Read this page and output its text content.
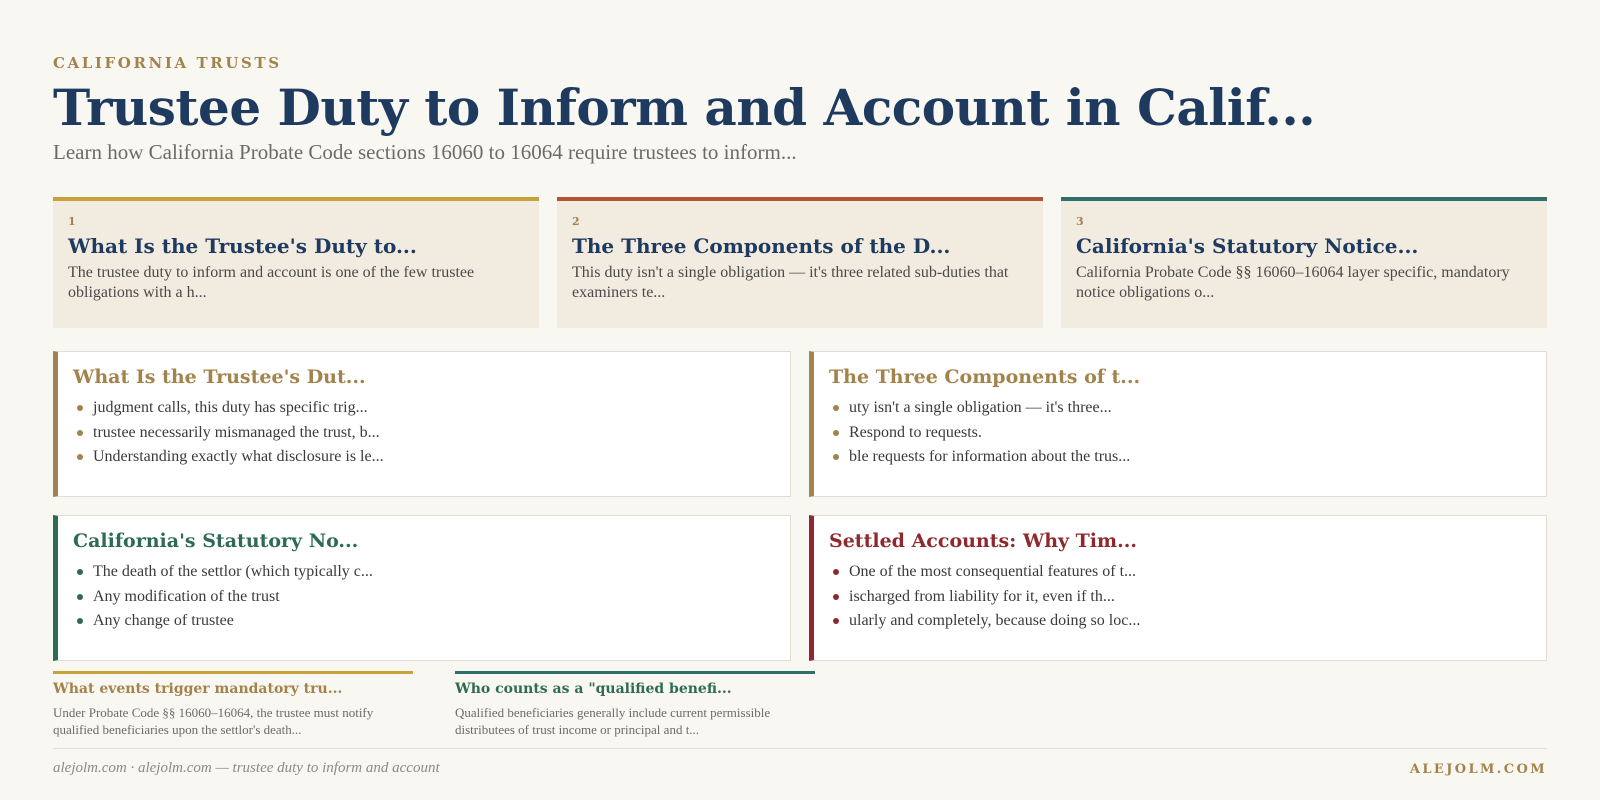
CALIFORNIA TRUSTS
Trustee Duty to Inform and Account in Calif...
Learn how California Probate Code sections 16060 to 16064 require trustees to inform...
1
What Is the Trustee's Duty to...
The trustee duty to inform and account is one of the few trustee obligations with a h...
2
The Three Components of the D...
This duty isn't a single obligation — it's three related sub-duties that examiners te...
3
California's Statutory Notice...
California Probate Code §§ 16060–16064 layer specific, mandatory notice obligations o...
What Is the Trustee's Dut...
judgment calls, this duty has specific trig...
trustee necessarily mismanaged the trust, b...
Understanding exactly what disclosure is le...
The Three Components of t...
uty isn't a single obligation — it's three...
Respond to requests.
ble requests for information about the trus...
California's Statutory No...
The death of the settlor (which typically c...
Any modification of the trust
Any change of trustee
Settled Accounts: Why Tim...
One of the most consequential features of t...
ischarged from liability for it, even if th...
ularly and completely, because doing so loc...
What events trigger mandatory tru...
Under Probate Code §§ 16060–16064, the trustee must notify qualified beneficiaries upon the settlor's death...
Who counts as a "qualified benefi...
Qualified beneficiaries generally include current permissible distributees of trust income or principal and t...
alejolm.com · alejolm.com — trustee duty to inform and account	ALEJOLM.COM
